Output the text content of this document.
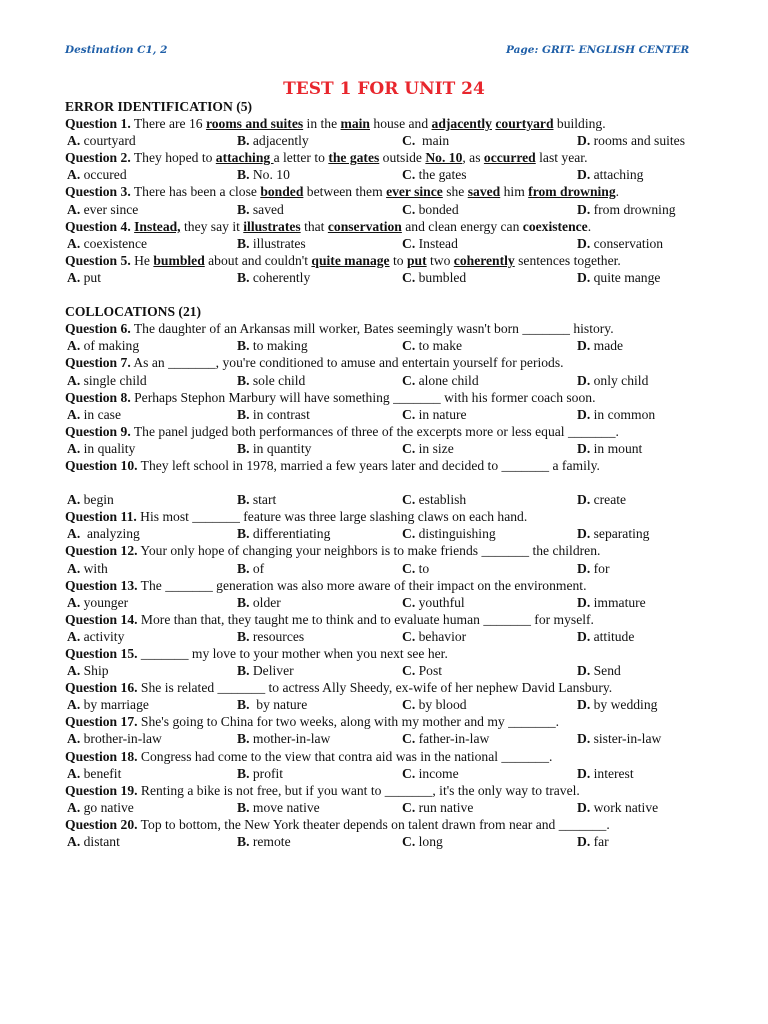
Destination C1, 2	Page: GRIT- ENGLISH CENTER
TEST 1 FOR UNIT 24

ERROR IDENTIFICATION (5)

Question 1. There are 16 rooms and suites in the main house and adjacently courtyard building.

A. courtyard	B. adjacently	C.  main	D. rooms and suites

Question 2. They hoped to attaching a letter to the gates outside No. 10, as occurred last year.

A. occured	B. No. 10	C. the gates	D. attaching

Question 3. There has been a close bonded between them ever since she saved him from drowning.

A. ever since	B. saved	C. bonded	D. from drowning

Question 4. Instead, they say it illustrates that conservation and clean energy can coexistence.

A. coexistence	B. illustrates	C. Instead	D. conservation

Question 5. He bumbled about and couldn't quite manage to put two coherently sentences together.

A. put	B. coherently	C. bumbled	D. quite mange

COLLOCATIONS (21)

Question 6. The daughter of an Arkansas mill worker, Bates seemingly wasn't born _______ history.

A. of making	B. to making	C. to make	D. made

Question 7. As an _______, you're conditioned to amuse and entertain yourself for periods.

A. single child	B. sole child	C. alone child	D. only child

Question 8. Perhaps Stephon Marbury will have something _______ with his former coach soon.

A. in case	B. in contrast	C. in nature	D. in common

Question 9. The panel judged both performances of three of the excerpts more or less equal _______.

A. in quality	B. in quantity	C. in size	D. in mount

Question 10. They left school in 1978, married a few years later and decided to _______ a family.

A. begin	B. start	C. establish	D. create

Question 11. His most _______ feature was three large slashing claws on each hand.

A.  analyzing	B. differentiating	C. distinguishing	D. separating

Question 12. Your only hope of changing your neighbors is to make friends _______ the children.

A. with	B. of	C. to	D. for

Question 13. The _______ generation was also more aware of their impact on the environment.

A. younger	B. older	C. youthful	D. immature

Question 14. More than that, they taught me to think and to evaluate human _______ for myself.

A. activity	B. resources	C. behavior	D. attitude

Question 15. _______ my love to your mother when you next see her.

A. Ship	B. Deliver	C. Post	D. Send

Question 16. She is related _______ to actress Ally Sheedy, ex-wife of her nephew David Lansbury.

A. by marriage	B.  by nature	C. by blood	D. by wedding

Question 17. She's going to China for two weeks, along with my mother and my _______.

A. brother-in-law	B. mother-in-law	C. father-in-law	D. sister-in-law

Question 18. Congress had come to the view that contra aid was in the national _______.

A. benefit	B. profit	C. income	D. interest

Question 19. Renting a bike is not free, but if you want to _______, it's the only way to travel.

A. go native	B. move native	C. run native	D. work native

Question 20. Top to bottom, the New York theater depends on talent drawn from near and _______.

A. distant	B. remote	C. long	D. far
